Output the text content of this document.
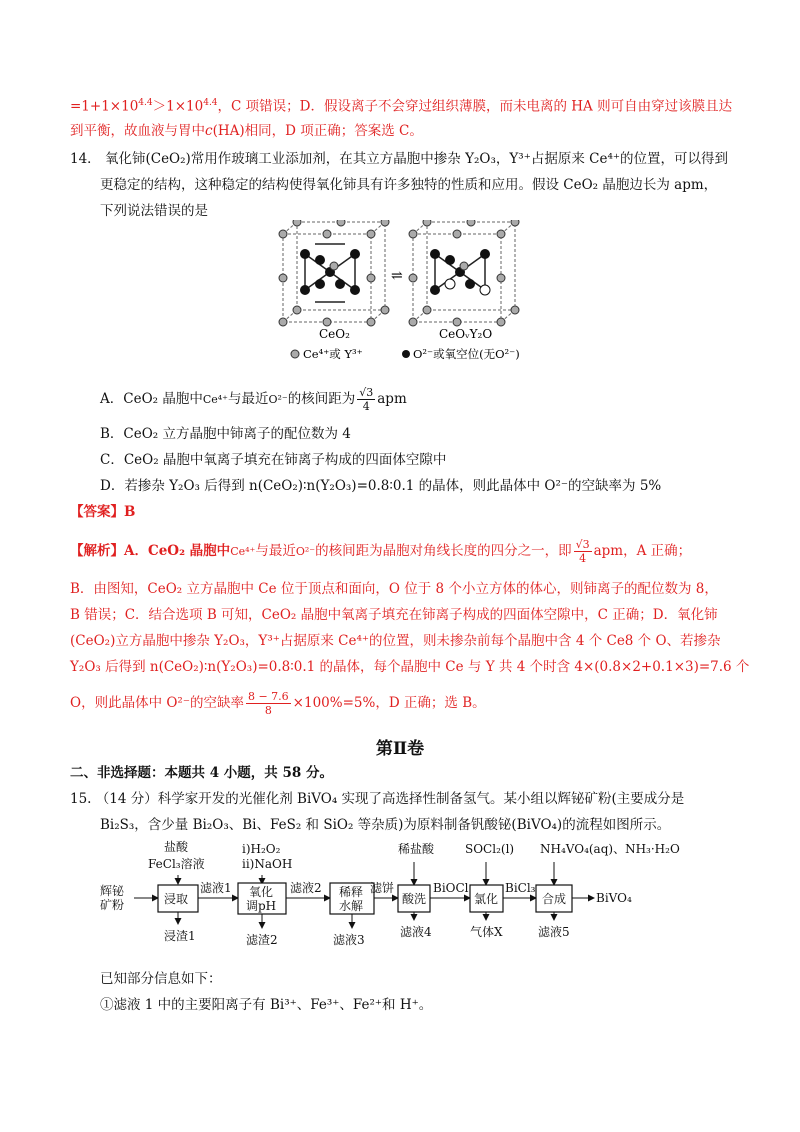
$=1+1\times 10^{4.4}>1\times 10^{4.4}$，C 项错误；D．假设离子不会穿过组织薄膜，而未电离的 HA 则可自由穿过该膜且达
到平衡，故血液与胃中c(HA)相同，D 项正确；答案选 C。
14． 氧化铈(CeO₂)常用作玻璃工业添加剂，在其立方晶胞中掺杂 Y₂O₃，Y³⁺占据原来 Ce⁴⁺的位置，可以得到
更稳定的结构，这种稳定的结构使得氧化铈具有许多独特的性质和应用。假设 CeO₂ 晶胞边长为 apm，
下列说法错误的是
CeO₂
⇌
CeOᵥY₂O
Ce⁴⁺或 Y³⁺	O²⁻或氧空位(无O²⁻)
A．CeO₂ 晶胞中Ce⁴⁺与最近O²⁻的核间距为 $\frac{√3}{4}$ apm
B．CeO₂ 立方晶胞中铈离子的配位数为 4
C．CeO₂ 晶胞中氧离子填充在铈离子构成的四面体空隙中
D．若掺杂 Y₂O₃ 后得到 n(CeO₂)∶n(Y₂O₃)=0.8∶0.1 的晶体，则此晶体中 O²⁻的空缺率为 5%
【答案】B
【解析】A．CeO₂ 晶胞中Ce⁴⁺与最近O²⁻的核间距为晶胞对角线长度的四分之一，即 $\frac{√3}{4}$ apm，A 正确；
B．由图知，CeO₂ 立方晶胞中 Ce 位于顶点和面向，O 位于 8 个小立方体的体心，则铈离子的配位数为 8，
B 错误；C．结合选项 B 可知，CeO₂ 晶胞中氧离子填充在铈离子构成的四面体空隙中，C 正确；D．氧化铈
(CeO₂)立方晶胞中掺杂 Y₂O₃，Y³⁺占据原来 Ce⁴⁺的位置，则未掺杂前每个晶胞中含 4 个 Ce8 个 O、若掺杂
Y₂O₃ 后得到 n(CeO₂)∶n(Y₂O₃)=0.8∶0.1 的晶体，每个晶胞中 Ce 与 Y 共 4 个时含 4×(0.8×2+0.1×3)=7.6 个
O，则此晶体中 O²⁻的空缺率 $\frac{8 - 7.6}{8} \times 100\%=5\%$，D 正确；选 B。
第Ⅱ卷
二、非选择题：本题共 4 小题，共 58 分。
15. （14 分）科学家开发的光催化剂 BiVO₄ 实现了高选择性制备氢气。某小组以辉铋矿粉(主要成分是
Bi₂S₃，含少量 Bi₂O₃、Bi、FeS₂ 和 SiO₂ 等杂质)为原料制备钒酸铋(BiVO₄)的流程如图所示。
辉铋
矿粉
盐酸
FeCl₃溶液
浸取
浸渣1
滤液1
i)H₂O₂
ii)NaOH
氧化
调pH
滤渣2
滤液2 稀释
水解
滤液3
滤饼
稀盐酸
酸洗
滤液4
BiOCl
SOCl₂(l)
氯化
气体X
BiCl₃
NH₄VO₄(aq)、NH₃·H₂O
合成
滤液5
BiVO₄
已知部分信息如下：
①滤液 1 中的主要阳离子有 Bi³⁺、Fe³⁺、Fe²⁺和 H⁺。
